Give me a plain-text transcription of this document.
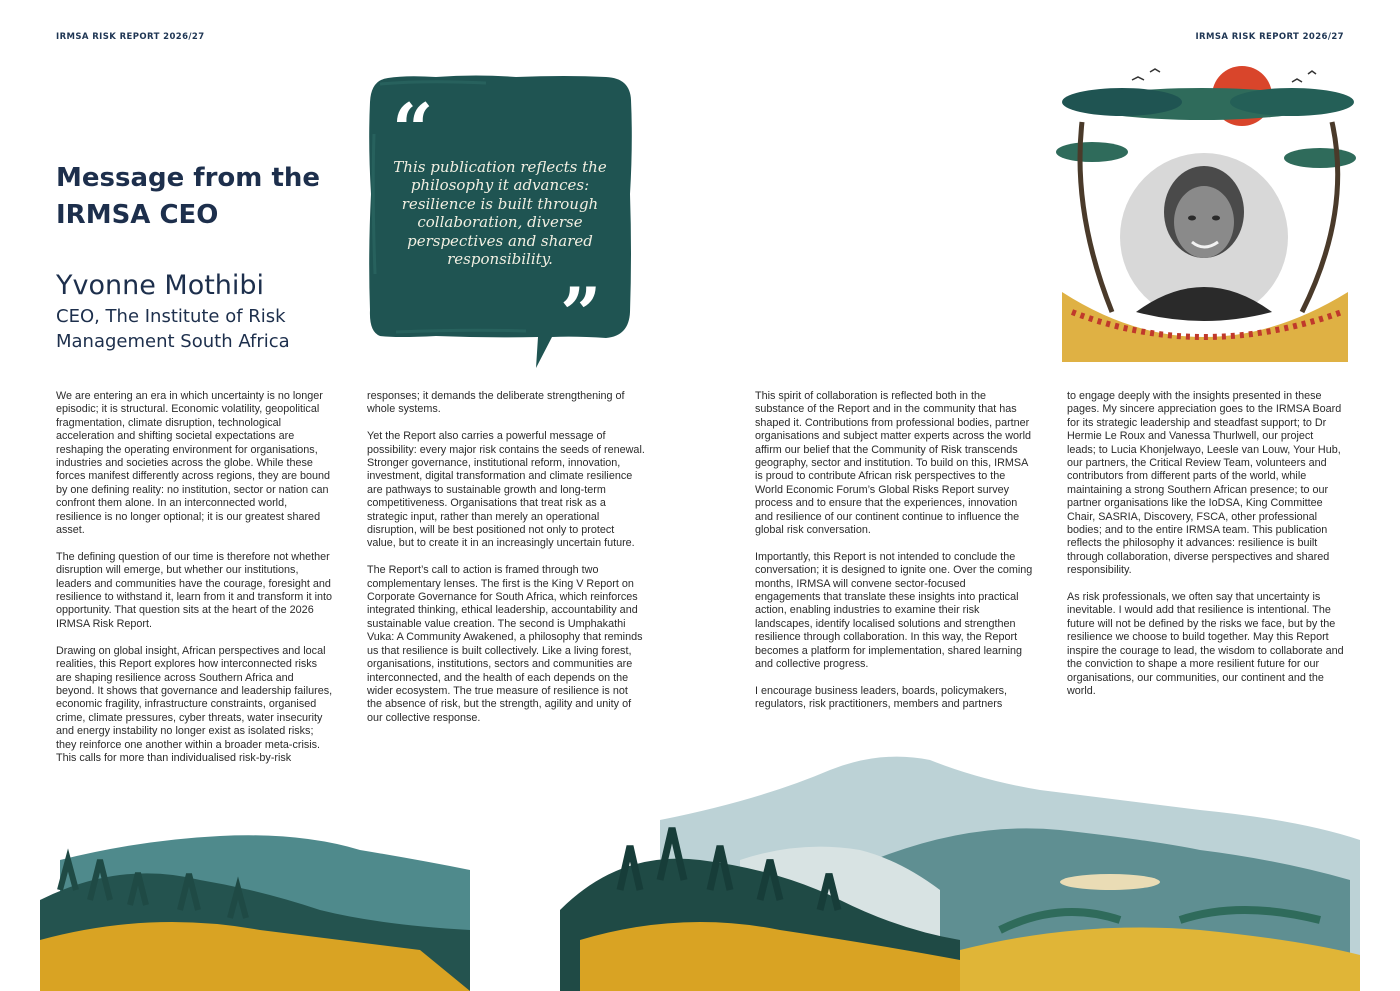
IRMSA RISK REPORT 2026/27	IRMSA RISK REPORT 2026/27
Message from the
IRMSA CEO
Yvonne Mothibi
CEO, The Institute of Risk
Management South Africa
“
This publication reflects the philosophy it advances: resilience is built through collaboration, diverse perspectives and shared responsibility.
”

We are entering an era in which uncertainty is no longer episodic; it is structural. Economic volatility, geopolitical fragmentation, climate disruption, technological acceleration and shifting societal expectations are reshaping the operating environment for organisations, industries and societies across the globe. While these forces manifest differently across regions, they are bound by one defining reality: no institution, sector or nation can confront them alone. In an interconnected world, resilience is no longer optional; it is our greatest shared asset.

The defining question of our time is therefore not whether disruption will emerge, but whether our institutions, leaders and communities have the courage, foresight and resilience to withstand it, learn from it and transform it into opportunity. That question sits at the heart of the 2026 IRMSA Risk Report.

Drawing on global insight, African perspectives and local realities, this Report explores how interconnected risks are shaping resilience across Southern Africa and beyond. It shows that governance and leadership failures, economic fragility, infrastructure constraints, organised crime, climate pressures, cyber threats, water insecurity and energy instability no longer exist as isolated risks; they reinforce one another within a broader meta-crisis. This calls for more than individualised risk-by-risk

responses; it demands the deliberate strengthening of whole systems.

Yet the Report also carries a powerful message of possibility: every major risk contains the seeds of renewal. Stronger governance, institutional reform, innovation, investment, digital transformation and climate resilience are pathways to sustainable growth and long-term competitiveness. Organisations that treat risk as a strategic input, rather than merely an operational disruption, will be best positioned not only to protect value, but to create it in an increasingly uncertain future.

The Report’s call to action is framed through two complementary lenses. The first is the King V Report on Corporate Governance for South Africa, which reinforces integrated thinking, ethical leadership, accountability and sustainable value creation. The second is Umphakathi Vuka: A Community Awakened, a philosophy that reminds us that resilience is built collectively. Like a living forest, organisations, institutions, sectors and communities are interconnected, and the health of each depends on the wider ecosystem. The true measure of resilience is not the absence of risk, but the strength, agility and unity of our collective response.

This spirit of collaboration is reflected both in the substance of the Report and in the community that has shaped it. Contributions from professional bodies, partner organisations and subject matter experts across the world affirm our belief that the Community of Risk transcends geography, sector and institution. To build on this, IRMSA is proud to contribute African risk perspectives to the World Economic Forum’s Global Risks Report survey process and to ensure that the experiences, innovation and resilience of our continent continue to influence the global risk conversation.

Importantly, this Report is not intended to conclude the conversation; it is designed to ignite one. Over the coming months, IRMSA will convene sector-focused engagements that translate these insights into practical action, enabling industries to examine their risk landscapes, identify localised solutions and strengthen resilience through collaboration. In this way, the Report becomes a platform for implementation, shared learning and collective progress.

I encourage business leaders, boards, policymakers, regulators, risk practitioners, members and partners

to engage deeply with the insights presented in these pages. My sincere appreciation goes to the IRMSA Board for its strategic leadership and steadfast support; to Dr Hermie Le Roux and Vanessa Thurlwell, our project leads; to Lucia Khonjelwayo, Leesle van Louw, Your Hub, our partners, the Critical Review Team, volunteers and contributors from different parts of the world, while maintaining a strong Southern African presence; to our partner organisations like the IoDSA, King Committee Chair, SASRIA, Discovery, FSCA, other professional bodies; and to the entire IRMSA team. This publication reflects the philosophy it advances: resilience is built through collaboration, diverse perspectives and shared responsibility.

As risk professionals, we often say that uncertainty is inevitable. I would add that resilience is intentional. The future will not be defined by the risks we face, but by the resilience we choose to build together. May this Report inspire the courage to lead, the wisdom to collaborate and the conviction to shape a more resilient future for our organisations, our communities, our continent and the world.
